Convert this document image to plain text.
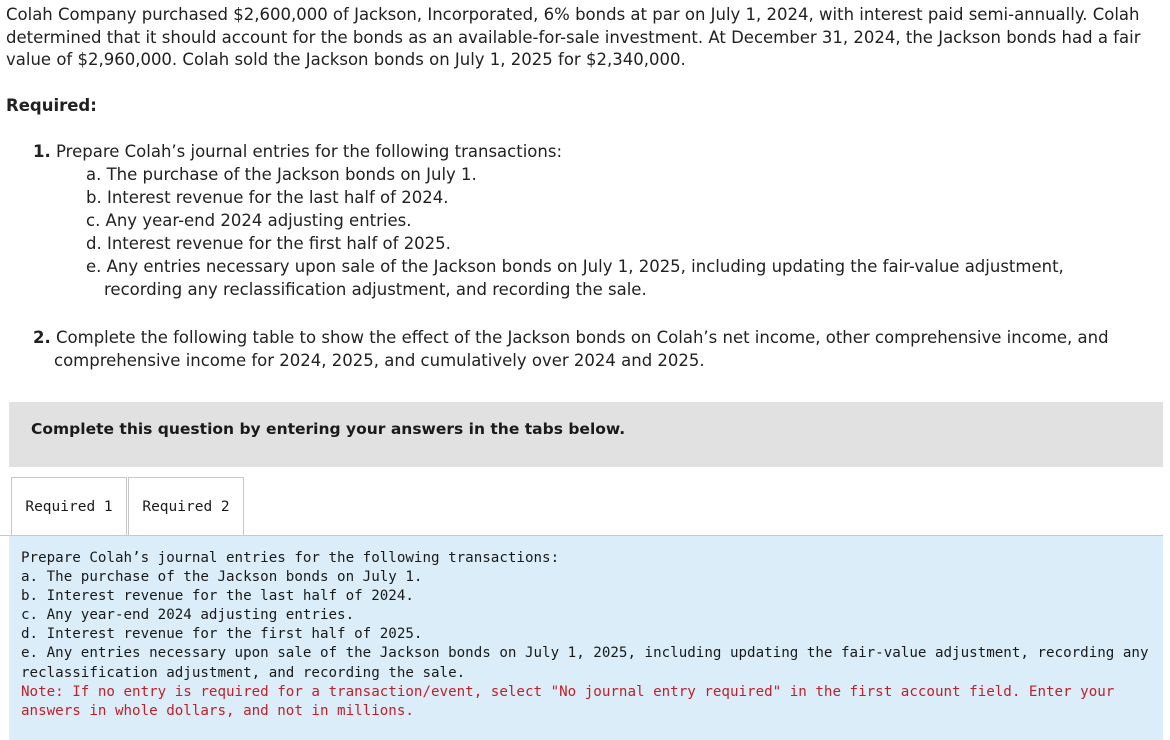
Colah Company purchased $2,600,000 of Jackson, Incorporated, 6% bonds at par on July 1, 2024, with interest paid semi-annually. Colah determined that it should account for the bonds as an available-for-sale investment. At December 31, 2024, the Jackson bonds had a fair value of $2,960,000. Colah sold the Jackson bonds on July 1, 2025 for $2,340,000.

Required:

1. Prepare Colah’s journal entries for the following transactions:
a. The purchase of the Jackson bonds on July 1.
b. Interest revenue for the last half of 2024.
c. Any year-end 2024 adjusting entries.
d. Interest revenue for the first half of 2025.
e. Any entries necessary upon sale of the Jackson bonds on July 1, 2025, including updating the fair-value adjustment, recording any reclassification adjustment, and recording the sale.
2. Complete the following table to show the effect of the Jackson bonds on Colah’s net income, other comprehensive income, and comprehensive income for 2024, 2025, and cumulatively over 2024 and 2025.
Complete this question by entering your answers in the tabs below.
Required 1	Required 2

Prepare Colah’s journal entries for the following transactions:

a. The purchase of the Jackson bonds on July 1.

b. Interest revenue for the last half of 2024.

c. Any year-end 2024 adjusting entries.

d. Interest revenue for the first half of 2025.

e. Any entries necessary upon sale of the Jackson bonds on July 1, 2025, including updating the fair-value adjustment, recording any reclassification adjustment, and recording the sale.

Note: If no entry is required for a transaction/event, select "No journal entry required" in the first account field. Enter your answers in whole dollars, and not in millions.
